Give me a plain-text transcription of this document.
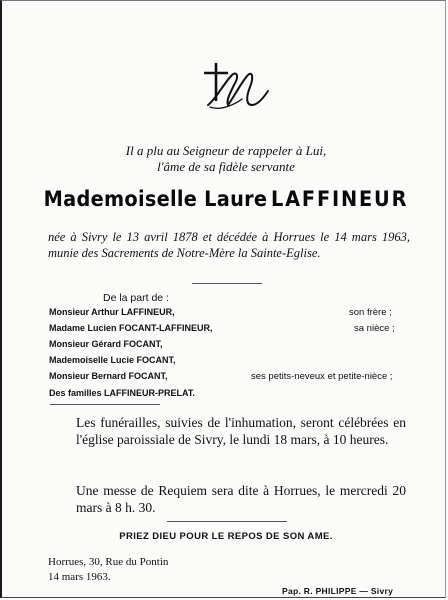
Il a plu au Seigneur de rappeler à Lui,
l'âme de sa fidèle servante
Mademoiselle Laure LAFFINEUR
née à Sivry le 13 avril 1878 et décédée à Horrues le 14 mars 1963, munie des Sacrements de Notre-Mère la Sainte-Eglise.
De la part de :
Monsieur Arthur LAFFINEUR,	son frère ;
Madame Lucien FOCANT-LAFFINEUR,	sa nièce ;
Monsieur Gérard FOCANT,
Mademoiselle Lucie FOCANT,
Monsieur Bernard FOCANT,	ses petits-neveux et petite-nièce ;
Des familles LAFFINEUR-PRELAT.
Les funérailles, suivies de l'inhumation, seront célébrées en l'église paroissiale de Sivry, le lundi 18 mars, à 10 heures.
Une messe de Requiem sera dite à Horrues, le mercredi 20 mars à 8 h. 30.
PRIEZ DIEU POUR LE REPOS DE SON AME.
Horrues, 30, Rue du Pontin
14 mars 1963.
Pap. R. PHILIPPE — Sivry
